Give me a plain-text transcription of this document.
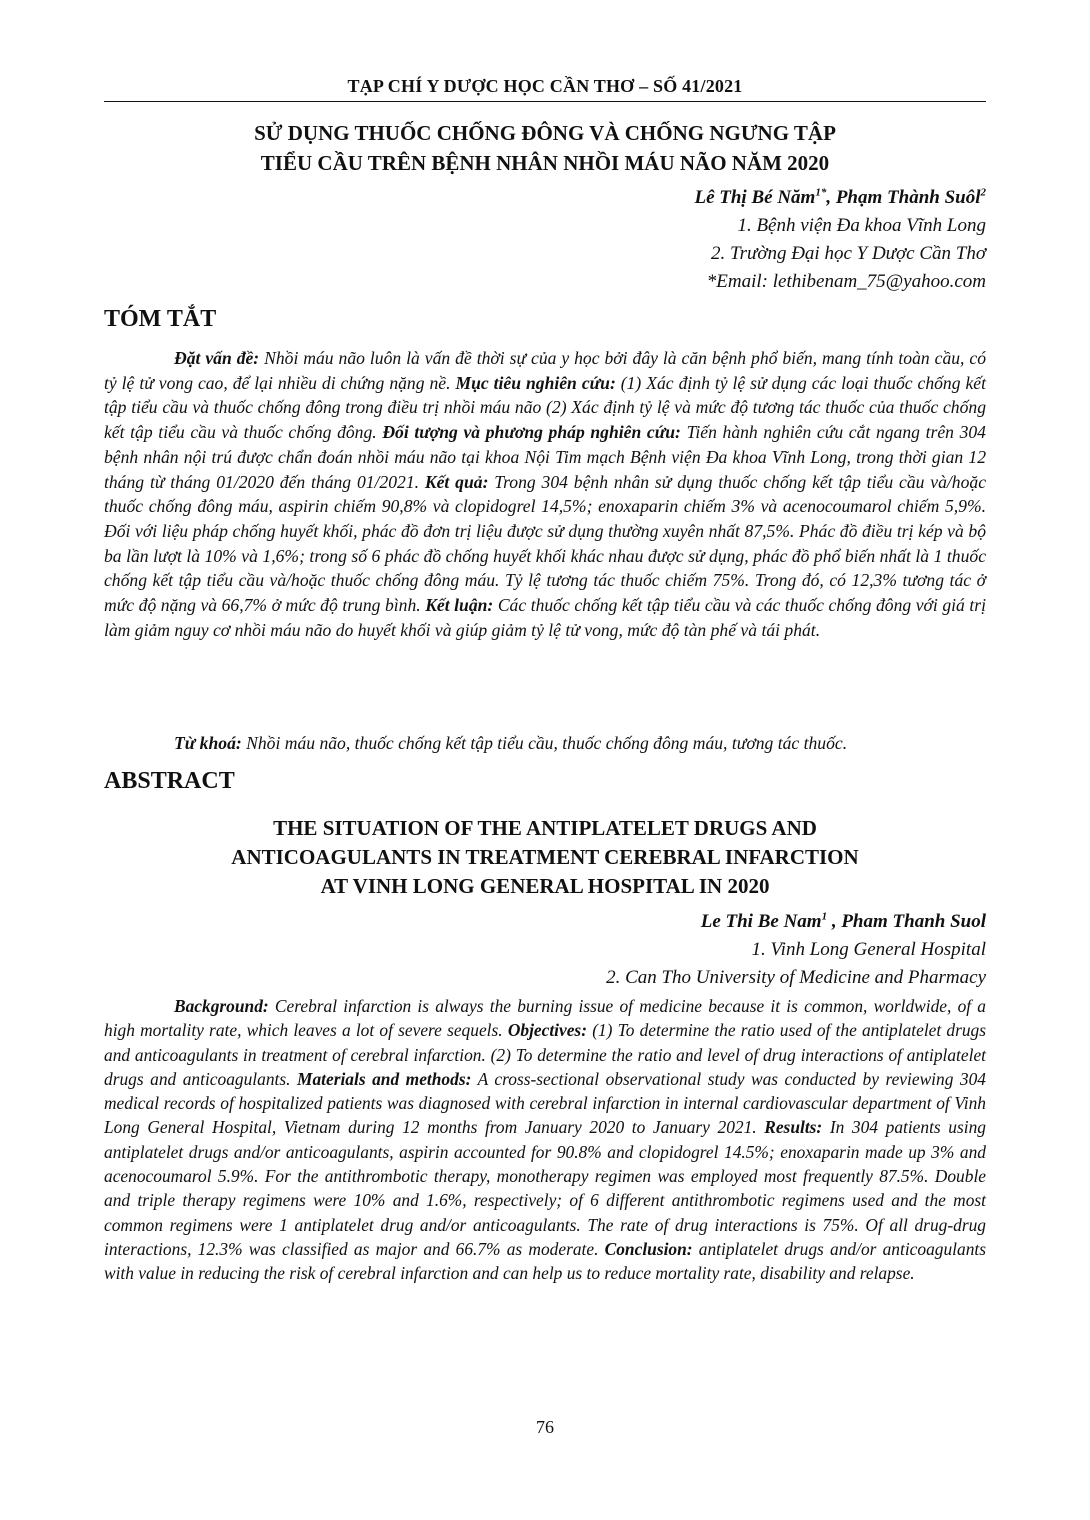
TẠP CHÍ Y DƯỢC HỌC CẦN THƠ – SỐ 41/2021
SỬ DỤNG THUỐC CHỐNG ĐÔNG VÀ CHỐNG NGƯNG TẬP
TIỂU CẦU TRÊN BỆNH NHÂN NHỒI MÁU NÃO NĂM 2020
Lê Thị Bé Năm$^{1*}$, Phạm Thành Suôl$^2$
1. Bệnh viện Đa khoa Vĩnh Long
2. Trường Đại học Y Dược Cần Thơ
*Email: lethibenam_75@yahoo.com
TÓM TẮT

Đặt vấn đề: Nhồi máu não luôn là vấn đề thời sự của y học bởi đây là căn bệnh phổ biến, mang tính toàn cầu, có tỷ lệ tử vong cao, để lại nhiều di chứng nặng nề. Mục tiêu nghiên cứu: (1) Xác định tỷ lệ sử dụng các loại thuốc chống kết tập tiểu cầu và thuốc chống đông trong điều trị nhồi máu não (2) Xác định tỷ lệ và mức độ tương tác thuốc của thuốc chống kết tập tiểu cầu và thuốc chống đông. Đối tượng và phương pháp nghiên cứu: Tiến hành nghiên cứu cắt ngang trên 304 bệnh nhân nội trú được chẩn đoán nhồi máu não tại khoa Nội Tim mạch Bệnh viện Đa khoa Vĩnh Long, trong thời gian 12 tháng từ tháng 01/2020 đến tháng 01/2021. Kết quả: Trong 304 bệnh nhân sử dụng thuốc chống kết tập tiểu cầu và/hoặc thuốc chống đông máu, aspirin chiếm 90,8% và clopidogrel 14,5%; enoxaparin chiếm 3% và acenocoumarol chiếm 5,9%. Đối với liệu pháp chống huyết khối, phác đồ đơn trị liệu được sử dụng thường xuyên nhất 87,5%. Phác đồ điều trị kép và bộ ba lần lượt là 10% và 1,6%; trong số 6 phác đồ chống huyết khối khác nhau được sử dụng, phác đồ phổ biến nhất là 1 thuốc chống kết tập tiểu cầu và/hoặc thuốc chống đông máu. Tỷ lệ tương tác thuốc chiếm 75%. Trong đó, có 12,3% tương tác ở mức độ nặng và 66,7% ở mức độ trung bình. Kết luận: Các thuốc chống kết tập tiểu cầu và các thuốc chống đông với giá trị làm giảm nguy cơ nhồi máu não do huyết khối và giúp giảm tỷ lệ tử vong, mức độ tàn phế và tái phát.

Từ khoá: Nhồi máu não, thuốc chống kết tập tiểu cầu, thuốc chống đông máu, tương tác thuốc.
ABSTRACT
THE SITUATION OF THE ANTIPLATELET DRUGS AND
ANTICOAGULANTS IN TREATMENT CEREBRAL INFARCTION
AT VINH LONG GENERAL HOSPITAL IN 2020
Le Thi Be Nam$^1$ , Pham Thanh Suol
1. Vinh Long General Hospital
2. Can Tho University of Medicine and Pharmacy

Background: Cerebral infarction is always the burning issue of medicine because it is common, worldwide, of a high mortality rate, which leaves a lot of severe sequels. Objectives: (1) To determine the ratio used of the antiplatelet drugs and anticoagulants in treatment of cerebral infarction. (2) To determine the ratio and level of drug interactions of antiplatelet drugs and anticoagulants. Materials and methods: A cross-sectional observational study was conducted by reviewing 304 medical records of hospitalized patients was diagnosed with cerebral infarction in internal cardiovascular department of Vinh Long General Hospital, Vietnam during 12 months from January 2020 to January 2021. Results: In 304 patients using antiplatelet drugs and/or anticoagulants, aspirin accounted for 90.8% and clopidogrel 14.5%; enoxaparin made up 3% and acenocoumarol 5.9%. For the antithrombotic therapy, monotherapy regimen was employed most frequently 87.5%. Double and triple therapy regimens were 10% and 1.6%, respectively; of 6 different antithrombotic regimens used and the most common regimens were 1 antiplatelet drug and/or anticoagulants. The rate of drug interactions is 75%. Of all drug-drug interactions, 12.3% was classified as major and 66.7% as moderate. Conclusion: antiplatelet drugs and/or anticoagulants with value in reducing the risk of cerebral infarction and can help us to reduce mortality rate, disability and relapse.

76
